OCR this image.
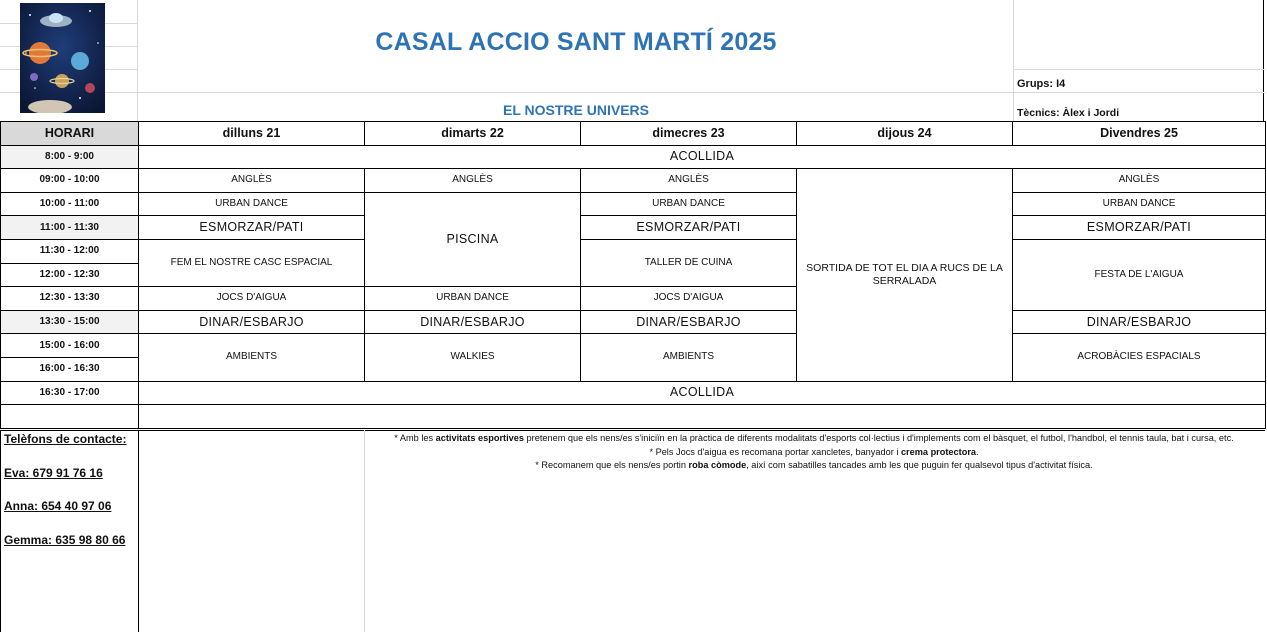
CASAL ACCIO SANT MARTÍ 2025
EL NOSTRE UNIVERS
Grups: I4
Tècnics: Àlex i Jordi
HORARI	dilluns 21	dimarts 22	dimecres 23	dijous 24	Divendres 25
8:00 - 9:00	ACOLLIDA				
09:00 - 10:00	ANGLÈS	ANGLÈS	ANGLÈS	SORTIDA DE TOT EL DIA A RUCS DE LA SERRALADA	ANGLÈS
10:00 - 11:00	URBAN DANCE	PISCINA	URBAN DANCE		URBAN DANCE
11:00 - 11:30	ESMORZAR/PATI		ESMORZAR/PATI		ESMORZAR/PATI
11:30 - 12:00	FEM EL NOSTRE CASC ESPACIAL		TALLER DE CUINA		FESTA DE L'AIGUA
12:00 - 12:30					
12:30 - 13:30	JOCS D'AIGUA	URBAN DANCE	JOCS D'AIGUA		
13:30 - 15:00	DINAR/ESBARJO	DINAR/ESBARJO	DINAR/ESBARJO		DINAR/ESBARJO
15:00 - 16:00	AMBIENTS	WALKIES	AMBIENTS		ACROBÀCIES ESPACIALS
16:00 - 16:30					
16:30 - 17:00	ACOLLIDA				

Telèfons de contacte:
Eva: 679 91 76 16
Anna: 654 40 97 06
Gemma: 635 98 80 66
* Amb les activitats esportives pretenem que els nens/es s'iniciïn en la pràctica de diferents modalitats d'esports col·lectius i d'implements com el bàsquet, el futbol, l'handbol, el tennis taula, bat i cursa, etc.
* Pels Jocs d'aigua es recomana portar xancletes, banyador i crema protectora.
* Recomanem que els nens/es portin roba còmode, així com sabatilles tancades amb les que puguin fer qualsevol tipus d'activitat física.
